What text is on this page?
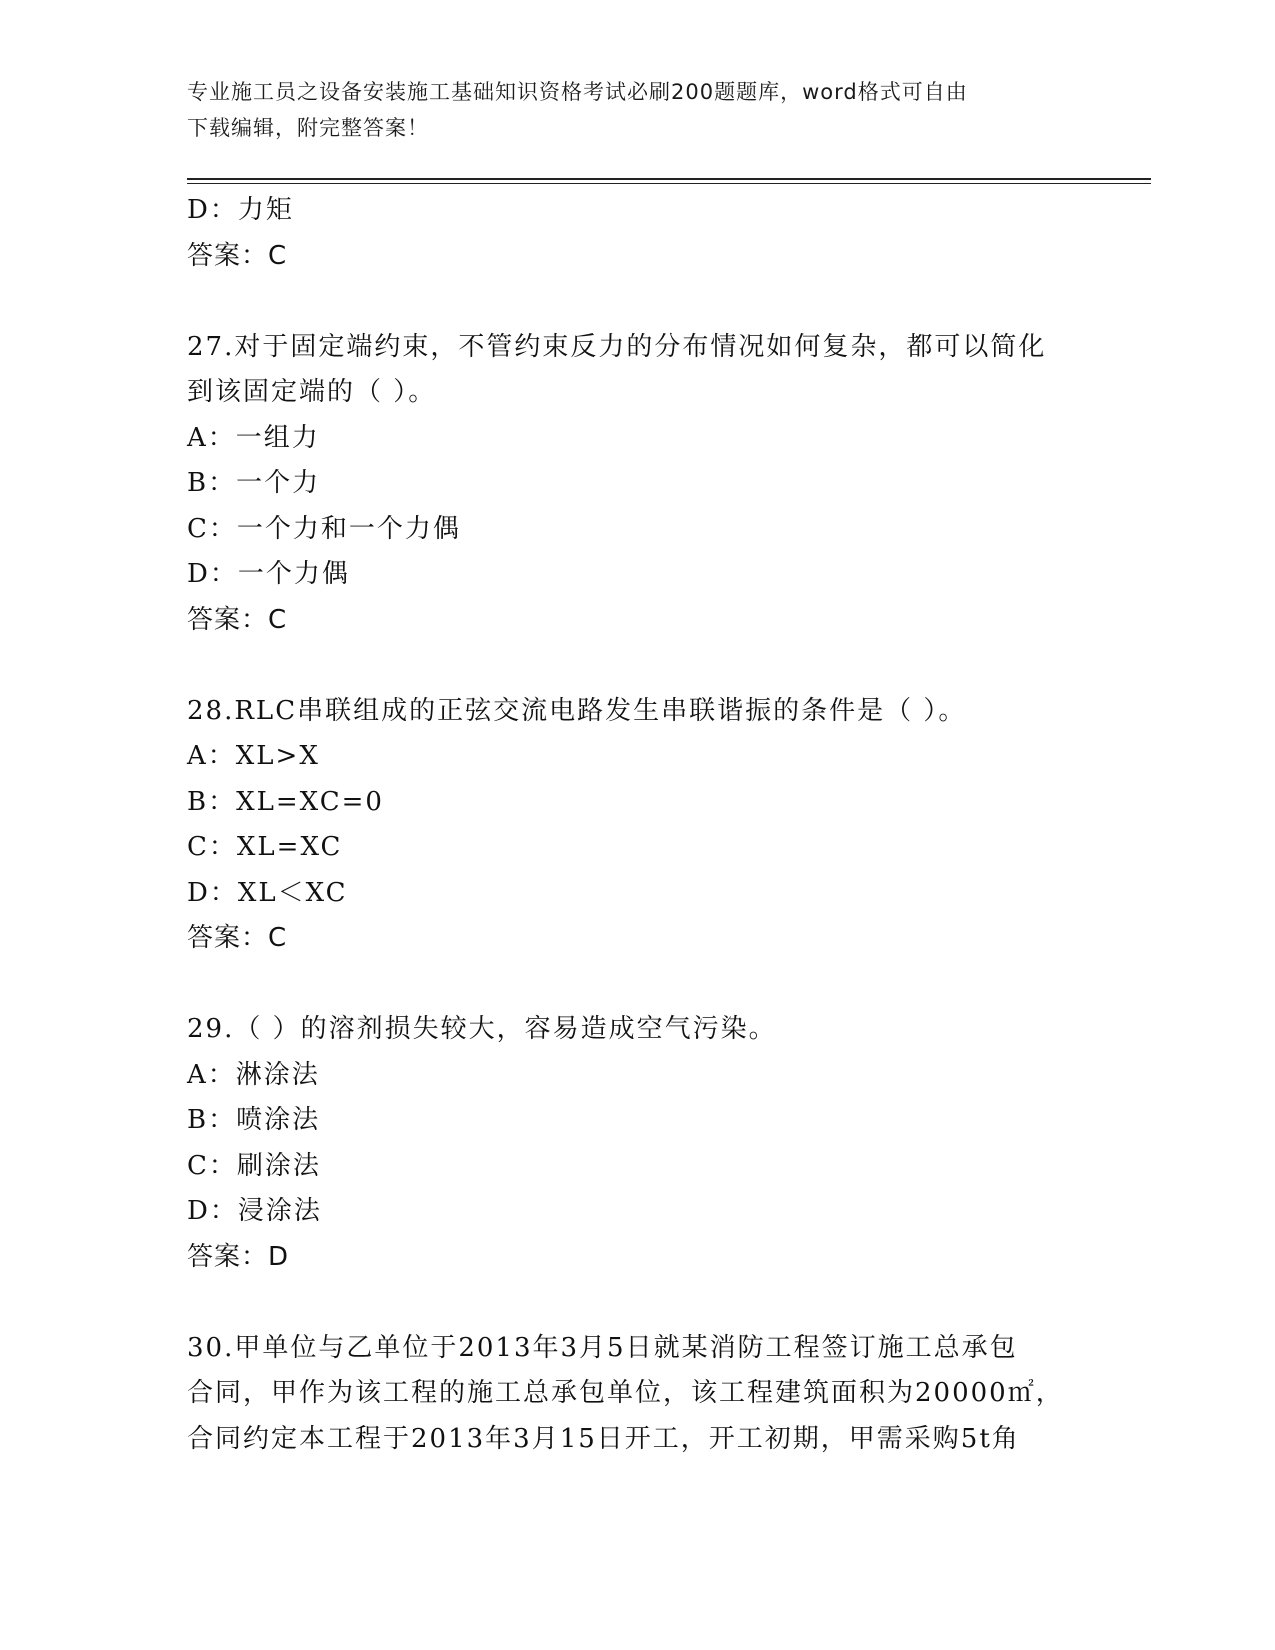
专业施工员之设备安装施工基础知识资格考试必刷200题题库，word格式可自由
下载编辑，附完整答案！
D：力矩
答案：C
27.对于固定端约束，不管约束反力的分布情况如何复杂，都可以简化
到该固定端的（ ）。
A：一组力
B：一个力
C：一个力和一个力偶
D：一个力偶
答案：C
28.RLC串联组成的正弦交流电路发生串联谐振的条件是（ ）。
A：XL>X
B：XL=XC=0
C：XL=XC
D：XL＜XC
答案：C
29.（ ）的溶剂损失较大，容易造成空气污染。
A：淋涂法
B：喷涂法
C：刷涂法
D：浸涂法
答案：D
30.甲单位与乙单位于2013年3月5日就某消防工程签订施工总承包
合同，甲作为该工程的施工总承包单位，该工程建筑面积为20000㎡，
合同约定本工程于2013年3月15日开工，开工初期，甲需采购5t角
